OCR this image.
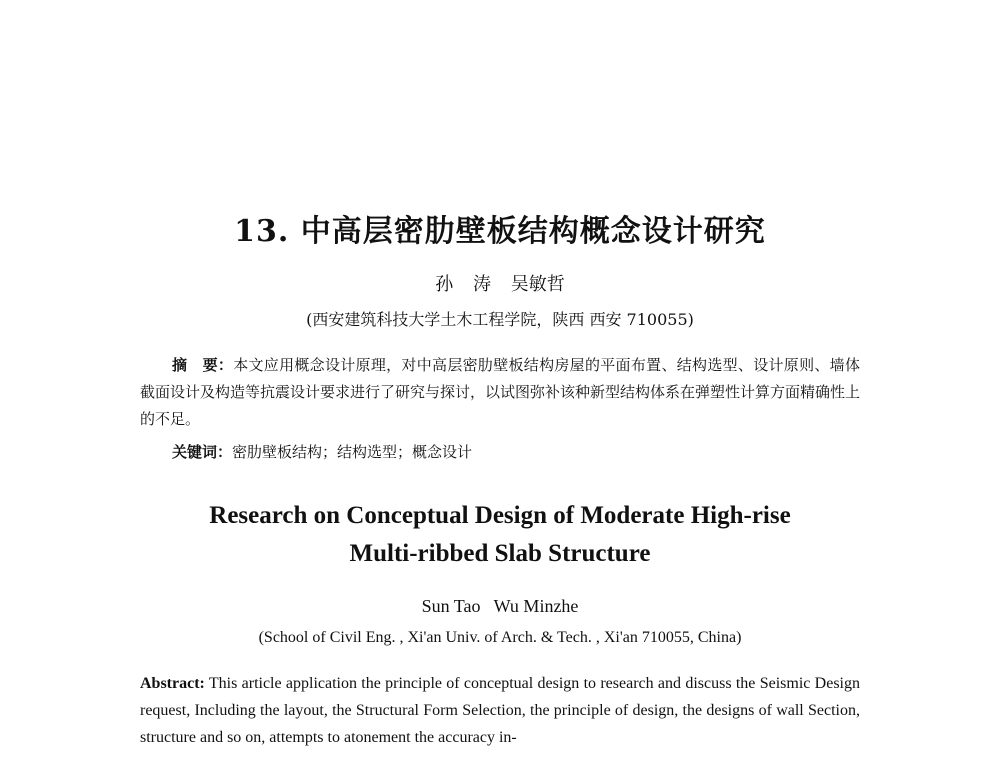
13. 中高层密肋壁板结构概念设计研究
孙 涛 吴敏哲
(西安建筑科技大学土木工程学院，陕西 西安 710055)
摘　要：本文应用概念设计原理，对中高层密肋壁板结构房屋的平面布置、结构选型、设计原则、墙体截面设计及构造等抗震设计要求进行了研究与探讨，以试图弥补该种新型结构体系在弹塑性计算方面精确性上的不足。
关键词：密肋壁板结构；结构选型；概念设计
Research on Conceptual Design of Moderate High-rise
Multi-ribbed Slab Structure
Sun Tao   Wu Minzhe
(School of Civil Eng. , Xi'an Univ. of Arch. & Tech. , Xi'an 710055, China)
Abstract: This article application the principle of conceptual design to research and discuss the Seismic Design request, Including the layout, the Structural Form Selection, the principle of design, the designs of wall Section, structure and so on, attempts to atonement the accuracy in-
